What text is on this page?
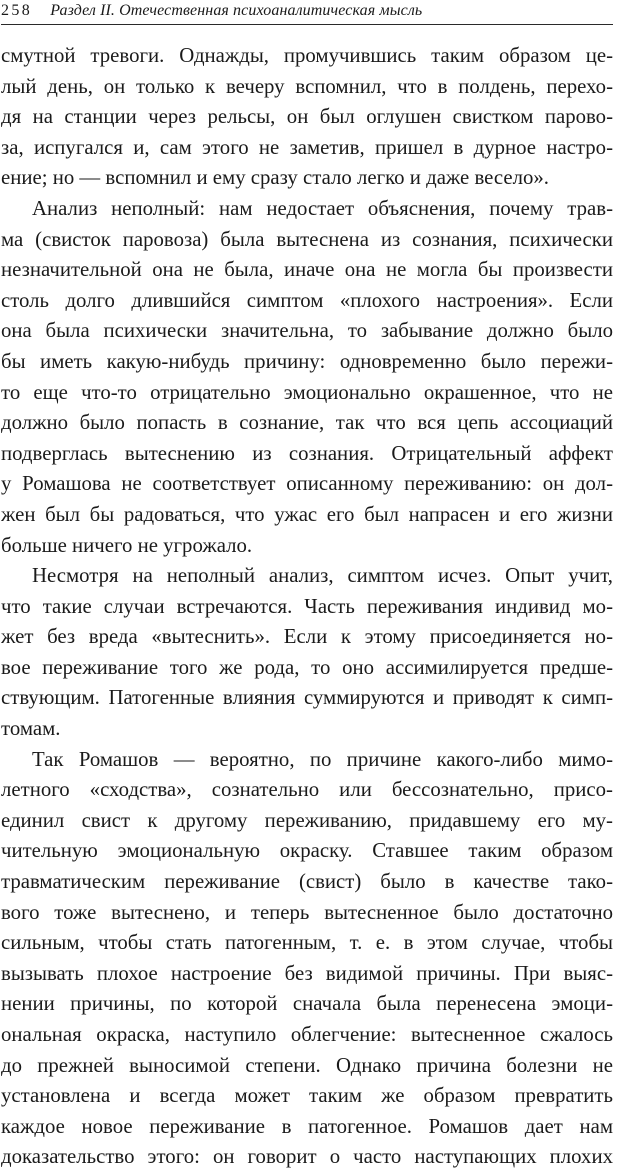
258 Раздел II. Отечественная психоаналитическая мысль
смутной тревоги. Однажды, промучившись таким образом це-
лый день, он только к вечеру вспомнил, что в полдень, перехо-
дя на станции через рельсы, он был оглушен свистком парово-
за, испугался и, сам этого не заметив, пришел в дурное настро-
ение; но — вспомнил и ему сразу стало легко и даже весело».
Анализ неполный: нам недостает объяснения, почему трав-
ма (свисток паровоза) была вытеснена из сознания, психически
незначительной она не была, иначе она не могла бы произвести
столь долго длившийся симптом «плохого настроения». Если
она была психически значительна, то забывание должно было
бы иметь какую-нибудь причину: одновременно было пережи-
то еще что-то отрицательно эмоционально окрашенное, что не
должно было попасть в сознание, так что вся цепь ассоциаций
подверглась вытеснению из сознания. Отрицательный аффект
у Ромашова не соответствует описанному переживанию: он дол-
жен был бы радоваться, что ужас его был напрасен и его жизни
больше ничего не угрожало.
Несмотря на неполный анализ, симптом исчез. Опыт учит,
что такие случаи встречаются. Часть переживания индивид мо-
жет без вреда «вытеснить». Если к этому присоединяется но-
вое переживание того же рода, то оно ассимилируется предше-
ствующим. Патогенные влияния суммируются и приводят к симп-
томам.
Так Ромашов — вероятно, по причине какого-либо мимо-
летного «сходства», сознательно или бессознательно, присо-
единил свист к другому переживанию, придавшему его му-
чительную эмоциональную окраску. Ставшее таким образом
травматическим переживание (свист) было в качестве тако-
вого тоже вытеснено, и теперь вытесненное было достаточно
сильным, чтобы стать патогенным, т. е. в этом случае, чтобы
вызывать плохое настроение без видимой причины. При выяс-
нении причины, по которой сначала была перенесена эмоци-
ональная окраска, наступило облегчение: вытесненное сжалось
до прежней выносимой степени. Однако причина болезни не
установлена и всегда может таким же образом превратить
каждое новое переживание в патогенное. Ромашов дает нам
доказательство этого: он говорит о часто наступающих плохих
